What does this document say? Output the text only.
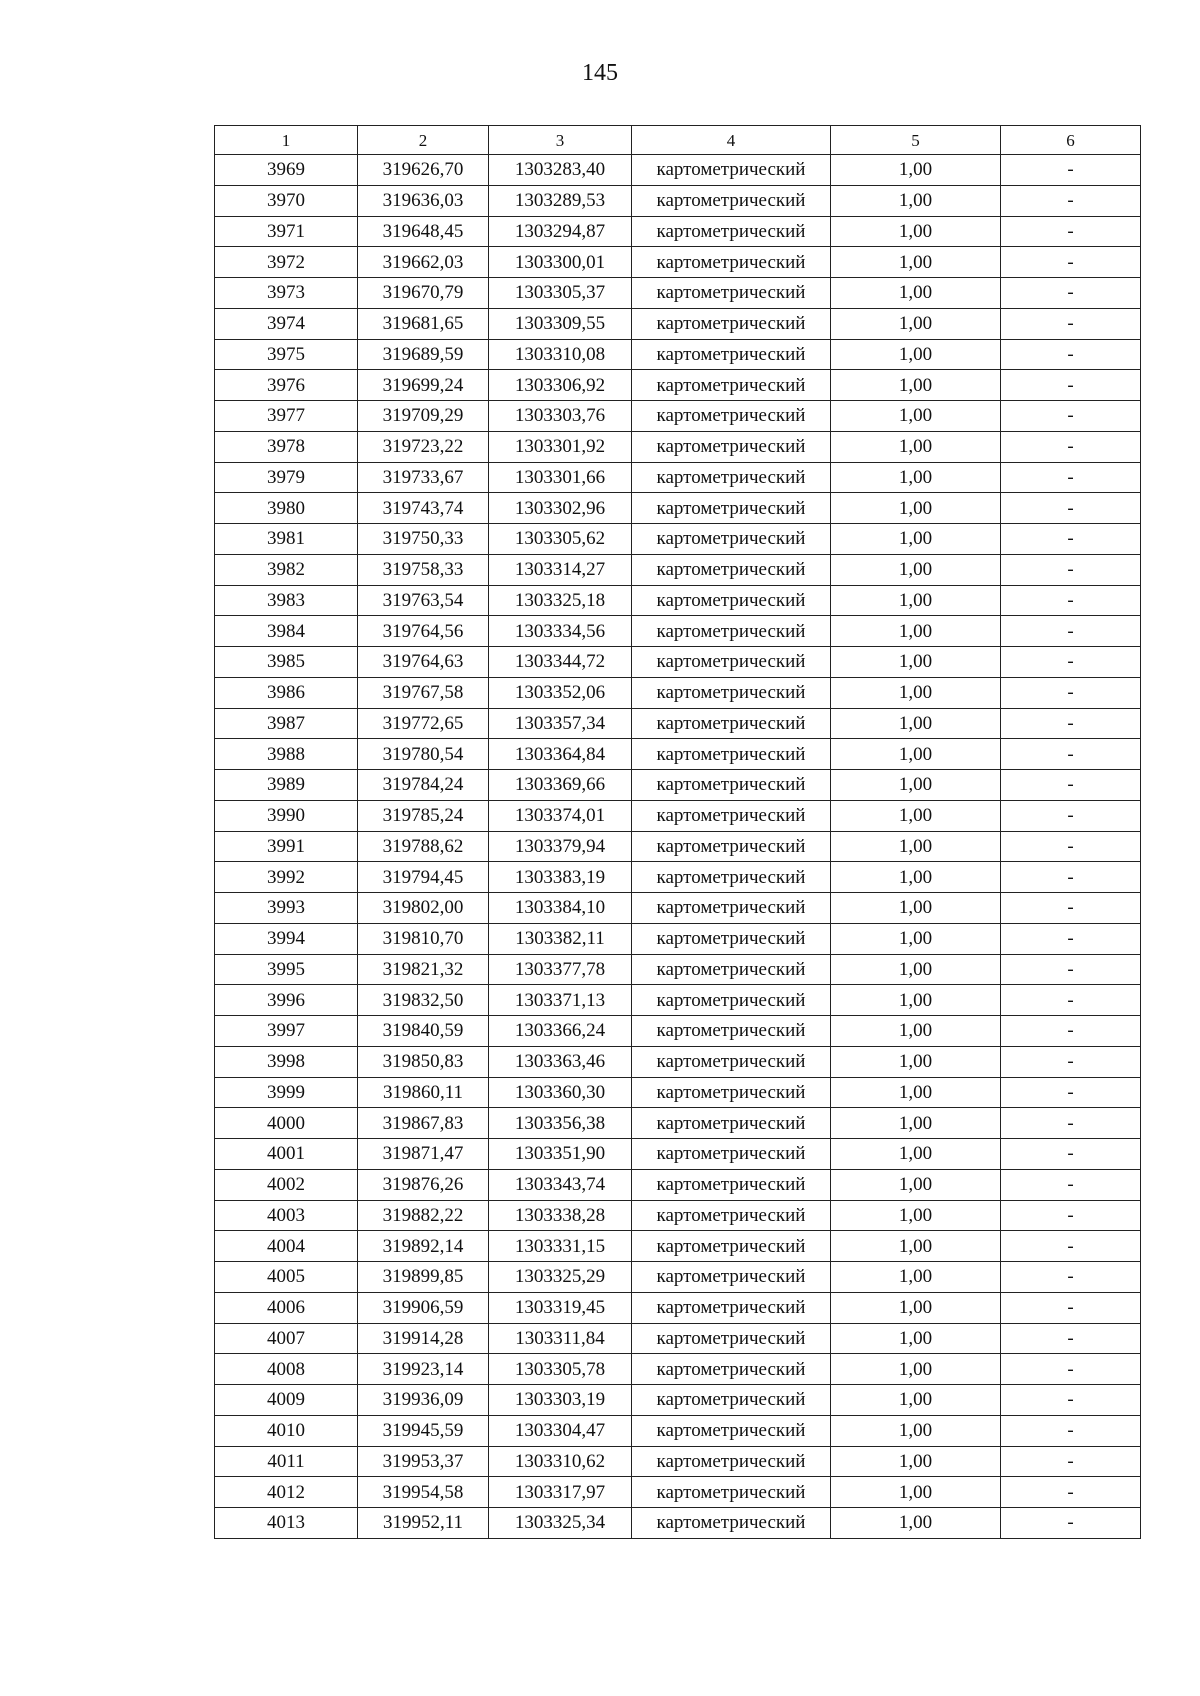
145
1	2	3	4	5	6
3969	319626,70	1303283,40	картометрический	1,00	-
3970	319636,03	1303289,53	картометрический	1,00	-
3971	319648,45	1303294,87	картометрический	1,00	-
3972	319662,03	1303300,01	картометрический	1,00	-
3973	319670,79	1303305,37	картометрический	1,00	-
3974	319681,65	1303309,55	картометрический	1,00	-
3975	319689,59	1303310,08	картометрический	1,00	-
3976	319699,24	1303306,92	картометрический	1,00	-
3977	319709,29	1303303,76	картометрический	1,00	-
3978	319723,22	1303301,92	картометрический	1,00	-
3979	319733,67	1303301,66	картометрический	1,00	-
3980	319743,74	1303302,96	картометрический	1,00	-
3981	319750,33	1303305,62	картометрический	1,00	-
3982	319758,33	1303314,27	картометрический	1,00	-
3983	319763,54	1303325,18	картометрический	1,00	-
3984	319764,56	1303334,56	картометрический	1,00	-
3985	319764,63	1303344,72	картометрический	1,00	-
3986	319767,58	1303352,06	картометрический	1,00	-
3987	319772,65	1303357,34	картометрический	1,00	-
3988	319780,54	1303364,84	картометрический	1,00	-
3989	319784,24	1303369,66	картометрический	1,00	-
3990	319785,24	1303374,01	картометрический	1,00	-
3991	319788,62	1303379,94	картометрический	1,00	-
3992	319794,45	1303383,19	картометрический	1,00	-
3993	319802,00	1303384,10	картометрический	1,00	-
3994	319810,70	1303382,11	картометрический	1,00	-
3995	319821,32	1303377,78	картометрический	1,00	-
3996	319832,50	1303371,13	картометрический	1,00	-
3997	319840,59	1303366,24	картометрический	1,00	-
3998	319850,83	1303363,46	картометрический	1,00	-
3999	319860,11	1303360,30	картометрический	1,00	-
4000	319867,83	1303356,38	картометрический	1,00	-
4001	319871,47	1303351,90	картометрический	1,00	-
4002	319876,26	1303343,74	картометрический	1,00	-
4003	319882,22	1303338,28	картометрический	1,00	-
4004	319892,14	1303331,15	картометрический	1,00	-
4005	319899,85	1303325,29	картометрический	1,00	-
4006	319906,59	1303319,45	картометрический	1,00	-
4007	319914,28	1303311,84	картометрический	1,00	-
4008	319923,14	1303305,78	картометрический	1,00	-
4009	319936,09	1303303,19	картометрический	1,00	-
4010	319945,59	1303304,47	картометрический	1,00	-
4011	319953,37	1303310,62	картометрический	1,00	-
4012	319954,58	1303317,97	картометрический	1,00	-
4013	319952,11	1303325,34	картометрический	1,00	-
